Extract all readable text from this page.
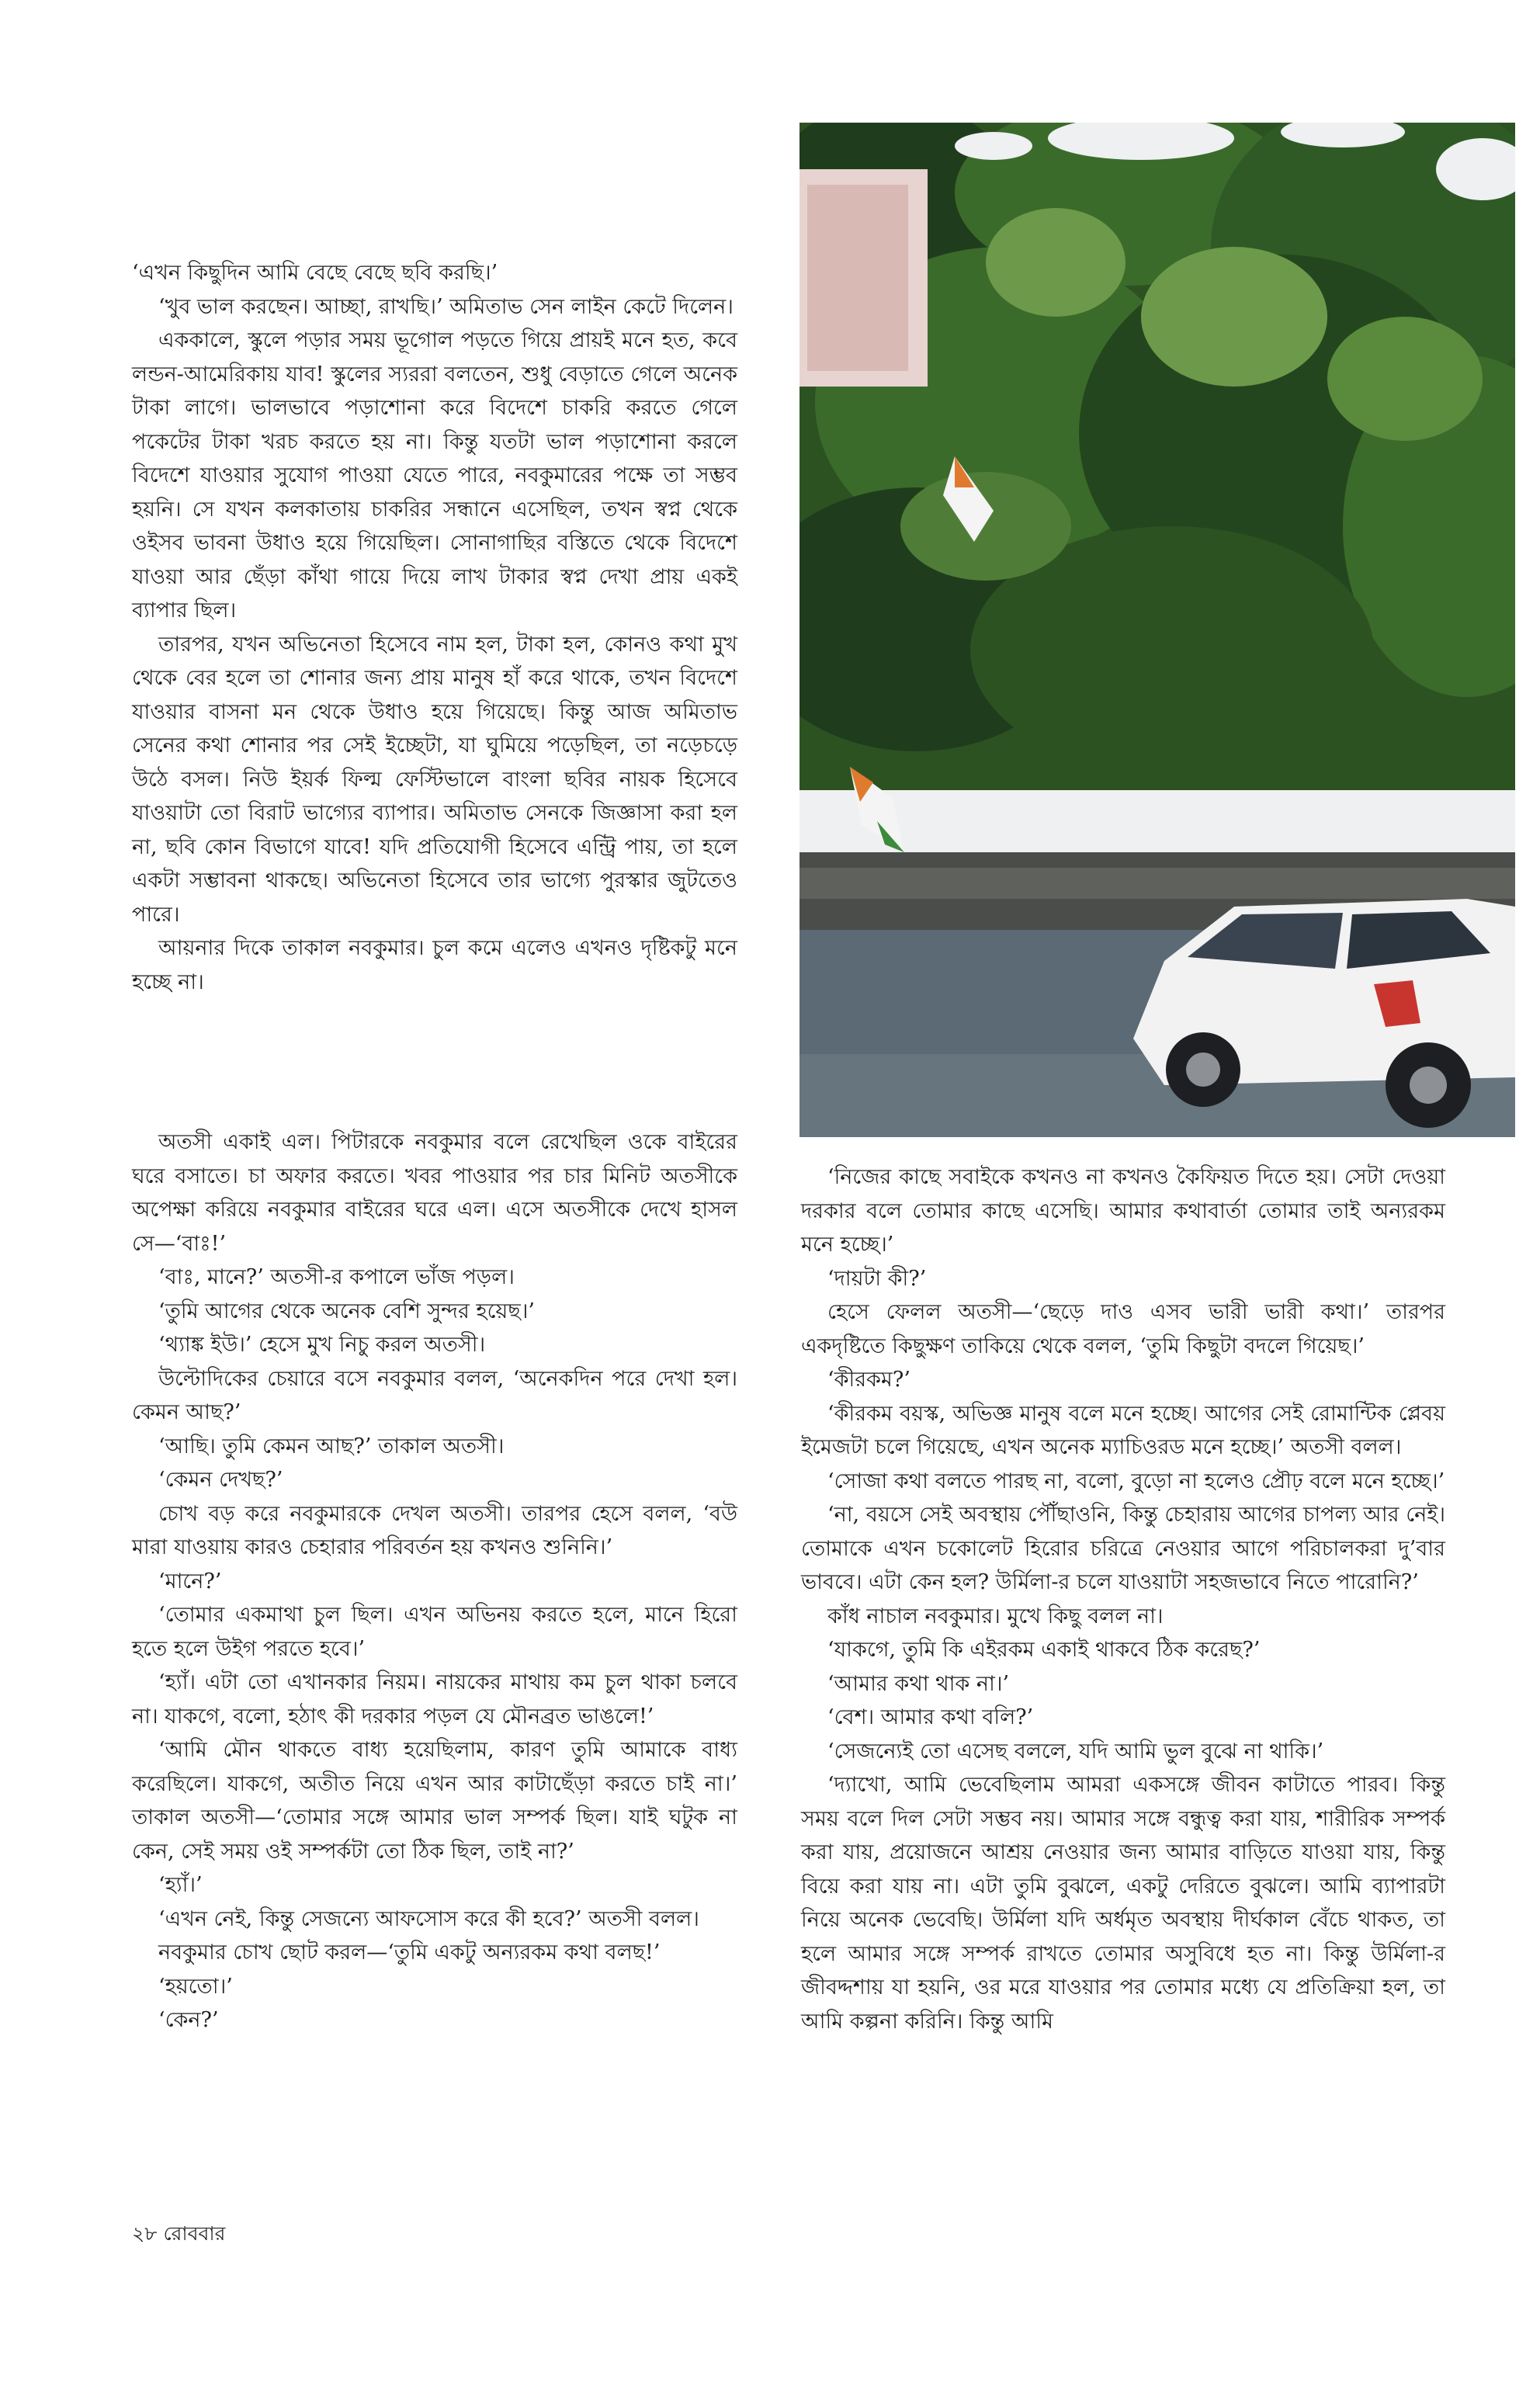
‘এখন কিছুদিন আমি বেছে বেছে ছবি করছি।’

‘খুব ভাল করছেন। আচ্ছা, রাখছি।’ অমিতাভ সেন লাইন কেটে দিলেন।

এককালে, স্কুলে পড়ার সময় ভূগোল পড়তে গিয়ে প্রায়ই মনে হত, কবে লন্ডন-আমেরিকায় যাব! স্কুলের স্যররা বলতেন, শুধু বেড়াতে গেলে অনেক টাকা লাগে। ভালভাবে পড়াশোনা করে বিদেশে চাকরি করতে গেলে পকেটের টাকা খরচ করতে হয় না। কিন্তু যতটা ভাল পড়াশোনা করলে বিদেশে যাওয়ার সুযোগ পাওয়া যেতে পারে, নবকুমারের পক্ষে তা সম্ভব হয়নি। সে যখন কলকাতায় চাকরির সন্ধানে এসেছিল, তখন স্বপ্ন থেকে ওইসব ভাবনা উধাও হয়ে গিয়েছিল। সোনাগাছির বস্তিতে থেকে বিদেশে যাওয়া আর ছেঁড়া কাঁথা গায়ে দিয়ে লাখ টাকার স্বপ্ন দেখা প্রায় একই ব্যাপার ছিল।

তারপর, যখন অভিনেতা হিসেবে নাম হল, টাকা হল, কোনও কথা মুখ থেকে বের হলে তা শোনার জন্য প্রায় মানুষ হাঁ করে থাকে, তখন বিদেশে যাওয়ার বাসনা মন থেকে উধাও হয়ে গিয়েছে। কিন্তু আজ অমিতাভ সেনের কথা শোনার পর সেই ইচ্ছেটা, যা ঘুমিয়ে পড়েছিল, তা নড়েচড়ে উঠে বসল। নিউ ইয়র্ক ফিল্ম ফেস্টিভালে বাংলা ছবির নায়ক হিসেবে যাওয়াটা তো বিরাট ভাগ্যের ব্যাপার। অমিতাভ সেনকে জিজ্ঞাসা করা হল না, ছবি কোন বিভাগে যাবে! যদি প্রতিযোগী হিসেবে এন্ট্রি পায়, তা হলে একটা সম্ভাবনা থাকছে। অভিনেতা হিসেবে তার ভাগ্যে পুরস্কার জুটতেও পারে।

আয়নার দিকে তাকাল নবকুমার। চুল কমে এলেও এখনও দৃষ্টিকটু মনে হচ্ছে না।

অতসী একাই এল। পিটারকে নবকুমার বলে রেখেছিল ওকে বাইরের ঘরে বসাতে। চা অফার করতে। খবর পাওয়ার পর চার মিনিট অতসীকে অপেক্ষা করিয়ে নবকুমার বাইরের ঘরে এল। এসে অতসীকে দেখে হাসল সে—‘বাঃ!’

‘বাঃ, মানে?’ অতসী-র কপালে ভাঁজ পড়ল।

‘তুমি আগের থেকে অনেক বেশি সুন্দর হয়েছ।’

‘থ্যাঙ্ক ইউ।’ হেসে মুখ নিচু করল অতসী।

উল্টোদিকের চেয়ারে বসে নবকুমার বলল, ‘অনেকদিন পরে দেখা হল। কেমন আছ?’

‘আছি। তুমি কেমন আছ?’ তাকাল অতসী।

‘কেমন দেখছ?’

চোখ বড় করে নবকুমারকে দেখল অতসী। তারপর হেসে বলল, ‘বউ মারা যাওয়ায় কারও চেহারার পরিবর্তন হয় কখনও শুনিনি।’

‘মানে?’

‘তোমার একমাথা চুল ছিল। এখন অভিনয় করতে হলে, মানে হিরো হতে হলে উইগ পরতে হবে।’

‘হ্যাঁ। এটা তো এখানকার নিয়ম। নায়কের মাথায় কম চুল থাকা চলবে না। যাকগে, বলো, হঠাৎ কী দরকার পড়ল যে মৌনব্রত ভাঙলে!’

‘আমি মৌন থাকতে বাধ্য হয়েছিলাম, কারণ তুমি আমাকে বাধ্য করেছিলে। যাকগে, অতীত নিয়ে এখন আর কাটাছেঁড়া করতে চাই না।’ তাকাল অতসী—‘তোমার সঙ্গে আমার ভাল সম্পর্ক ছিল। যাই ঘটুক না কেন, সেই সময় ওই সম্পর্কটা তো ঠিক ছিল, তাই না?’

‘হ্যাঁ।’

‘এখন নেই, কিন্তু সেজন্যে আফসোস করে কী হবে?’ অতসী বলল।

নবকুমার চোখ ছোট করল—‘তুমি একটু অন্যরকম কথা বলছ!’

‘হয়তো।’

‘কেন?’

‘নিজের কাছে সবাইকে কখনও না কখনও কৈফিয়ত দিতে হয়। সেটা দেওয়া দরকার বলে তোমার কাছে এসেছি। আমার কথাবার্তা তোমার তাই অন্যরকম মনে হচ্ছে।’

‘দায়টা কী?’

হেসে ফেলল অতসী—‘ছেড়ে দাও এসব ভারী ভারী কথা।’ তারপর একদৃষ্টিতে কিছুক্ষণ তাকিয়ে থেকে বলল, ‘তুমি কিছুটা বদলে গিয়েছ।’

‘কীরকম?’

‘কীরকম বয়স্ক, অভিজ্ঞ মানুষ বলে মনে হচ্ছে। আগের সেই রোমান্টিক প্লেবয় ইমেজটা চলে গিয়েছে, এখন অনেক ম্যাচিওরড মনে হচ্ছে।’ অতসী বলল।

‘সোজা কথা বলতে পারছ না, বলো, বুড়ো না হলেও প্রৌঢ় বলে মনে হচ্ছে।’

‘না, বয়সে সেই অবস্থায় পৌঁছাওনি, কিন্তু চেহারায় আগের চাপল্য আর নেই। তোমাকে এখন চকোলেট হিরোর চরিত্রে নেওয়ার আগে পরিচালকরা দু’বার ভাববে। এটা কেন হল? উর্মিলা-র চলে যাওয়াটা সহজভাবে নিতে পারোনি?’

কাঁধ নাচাল নবকুমার। মুখে কিছু বলল না।

‘যাকগে, তুমি কি এইরকম একাই থাকবে ঠিক করেছ?’

‘আমার কথা থাক না।’

‘বেশ। আমার কথা বলি?’

‘সেজন্যেই তো এসেছ বললে, যদি আমি ভুল বুঝে না থাকি।’

‘দ্যাখো, আমি ভেবেছিলাম আমরা একসঙ্গে জীবন কাটাতে পারব। কিন্তু সময় বলে দিল সেটা সম্ভব নয়। আমার সঙ্গে বন্ধুত্ব করা যায়, শারীরিক সম্পর্ক করা যায়, প্রয়োজনে আশ্রয় নেওয়ার জন্য আমার বাড়িতে যাওয়া যায়, কিন্তু বিয়ে করা যায় না। এটা তুমি বুঝলে, একটু দেরিতে বুঝলে। আমি ব্যাপারটা নিয়ে অনেক ভেবেছি। উর্মিলা যদি অর্ধমৃত অবস্থায় দীর্ঘকাল বেঁচে থাকত, তা হলে আমার সঙ্গে সম্পর্ক রাখতে তোমার অসুবিধে হত না। কিন্তু উর্মিলা-র জীবদ্দশায় যা হয়নি, ওর মরে যাওয়ার পর তোমার মধ্যে যে প্রতিক্রিয়া হল, তা আমি কল্পনা করিনি। কিন্তু আমি

২৮ রোববার
